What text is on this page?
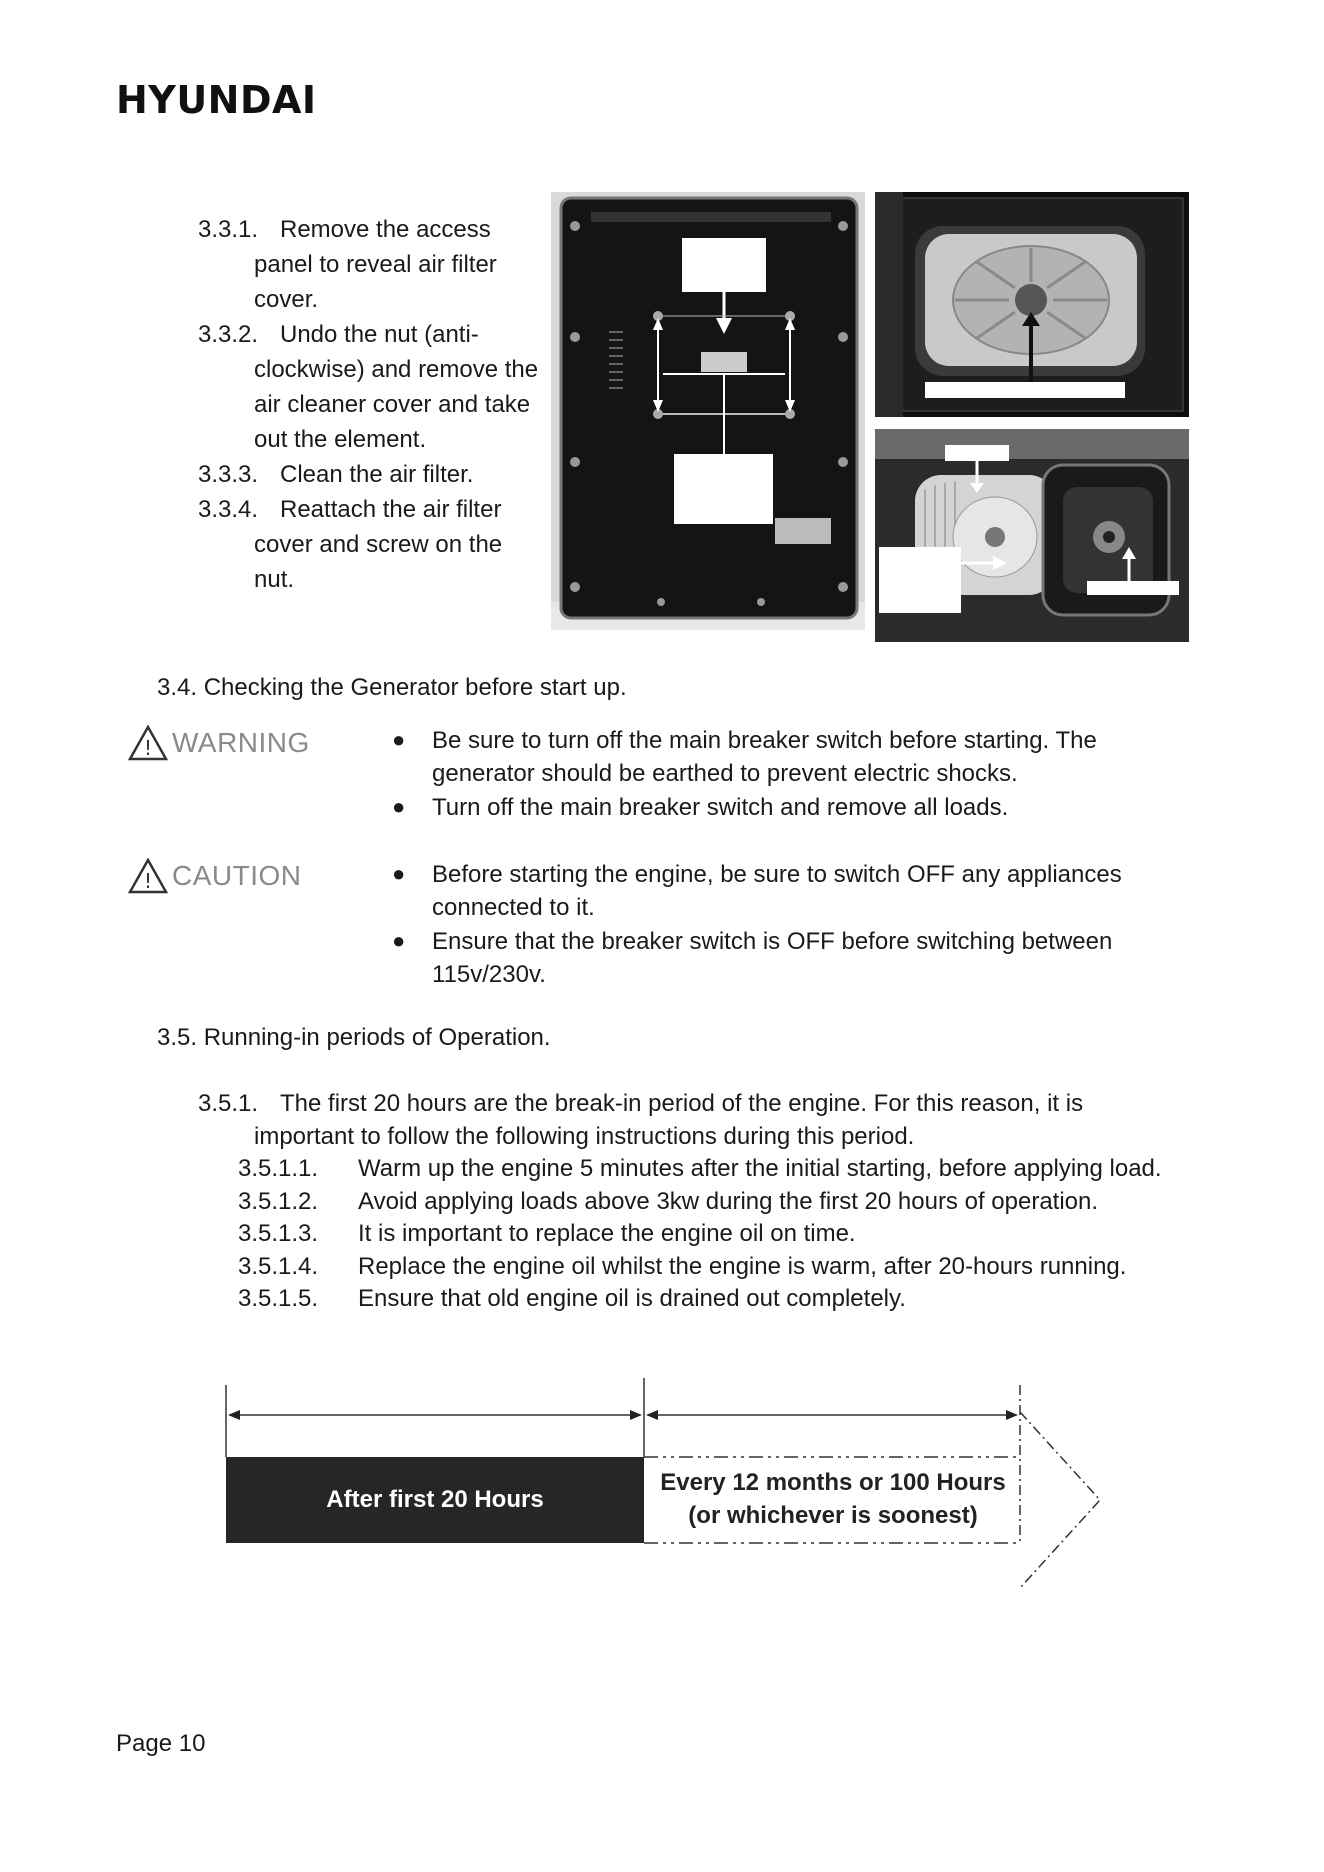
HYUNDAI
3.3.1. Remove the access
panel to reveal air filter
cover.
3.3.2. Undo the nut (anti-
clockwise) and remove the
air cleaner cover and take
out the element.
3.3.3. Clean the air filter.
3.3.4. Reattach the air filter
cover and screw on the
nut.
3.4. Checking the Generator before start up.
! WARNING	● Be sure to turn off the main breaker switch before starting. The
generator should be earthed to prevent electric shocks.
● Turn off the main breaker switch and remove all loads.
! CAUTION	● Before starting the engine, be sure to switch OFF any appliances
connected to it.
● Ensure that the breaker switch is OFF before switching between
115v/230v.
3.5. Running-in periods of Operation.
3.5.1. The first 20 hours are the break-in period of the engine. For this reason, it is
important to follow the following instructions during this period.
3.5.1.1. Warm up the engine 5 minutes after the initial starting, before applying load.
3.5.1.2. Avoid applying loads above 3kw during the first 20 hours of operation.
3.5.1.3. It is important to replace the engine oil on time.
3.5.1.4. Replace the engine oil whilst the engine is warm, after 20-hours running.
3.5.1.5. Ensure that old engine oil is drained out completely.
After first 20 Hours
Every 12 months or 100 Hours
(or whichever is soonest)
Page 10
